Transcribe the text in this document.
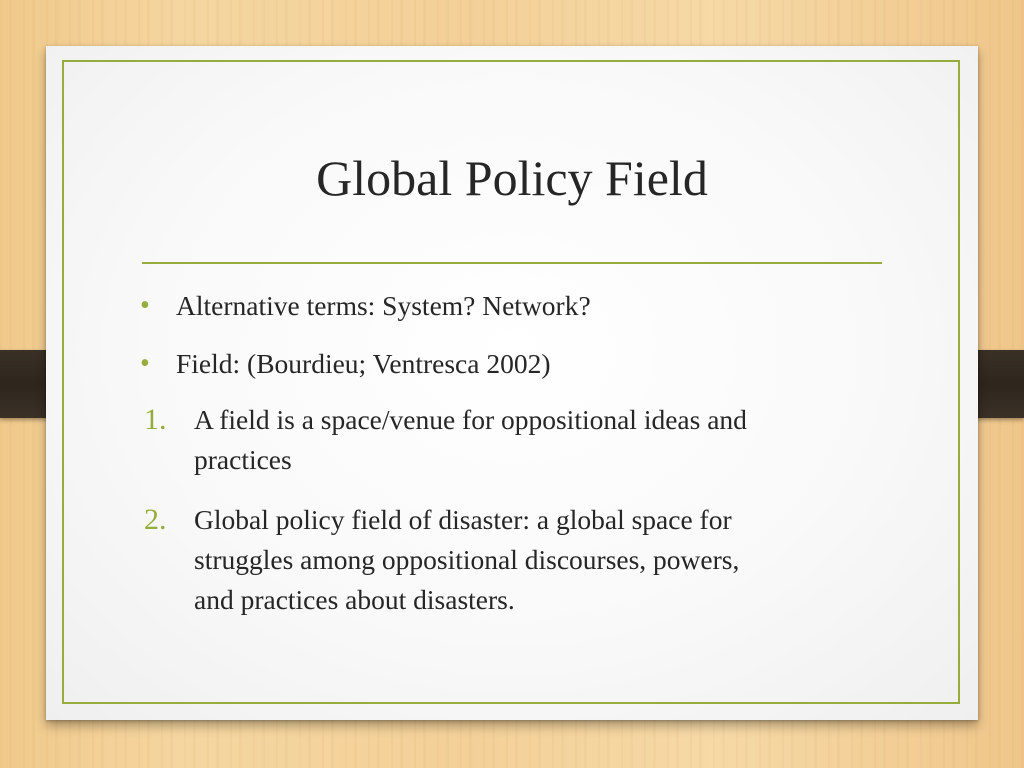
Global Policy Field
• Alternative terms: System? Network?
• Field: (Bourdieu; Ventresca 2002)
1. A field is a space/venue for oppositional ideas and
practices
2. Global policy field of disaster: a global space for
struggles among oppositional discourses, powers,
and practices about disasters.
